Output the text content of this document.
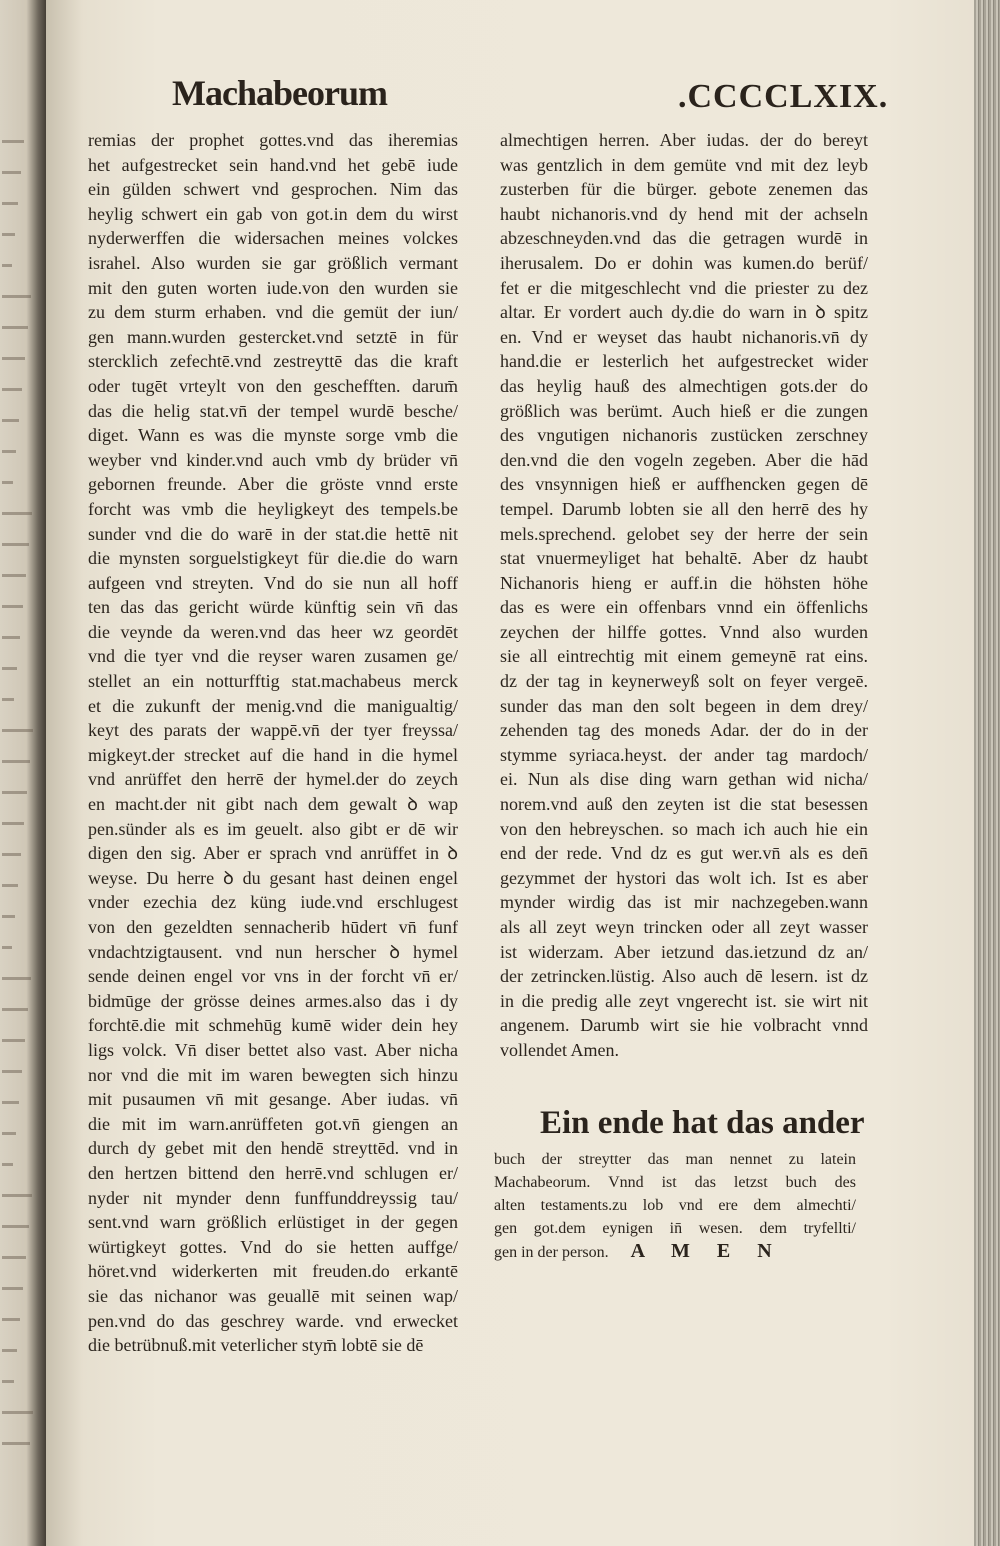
Machabeorum	.CCCCLXIX.
remias der prophet gottes.vnd das iheremias
het aufgestrecket sein hand.vnd het gebē iude
ein gülden schwert vnd gesprochen. Nim das
heylig schwert ein gab von got.in dem du wirst
nyderwerffen die widersachen meines volckes
israhel. Also wurden sie gar größlich vermant
mit den guten worten iude.von den wurden sie
zu dem sturm erhaben. vnd die gemüt der iun/
gen mann.wurden gestercket.vnd setztē in für
stercklich zefechtē.vnd zestreyttē das die kraft
oder tugēt vrteylt von den geschefften. darum̄
das die helig stat.vn̄ der tempel wurdē besche/
diget. Wann es was die mynste sorge vmb die
weyber vnd kinder.vnd auch vmb dy brüder vn̄
gebornen freunde. Aber die gröste vnnd erste
forcht was vmb die heyligkeyt des tempels.be
sunder vnd die do warē in der stat.die hettē nit
die mynsten sorguelstigkeyt für die.die do warn
aufgeen vnd streyten. Vnd do sie nun all hoff
ten das das gericht würde künftig sein vn̄ das
die veynde da weren.vnd das heer wz geordēt
vnd die tyer vnd die reyser waren zusamen ge/
stellet an ein notturfftig stat.machabeus merck
et die zukunft der menig.vnd die manigualtig/
keyt des parats der wappē.vn̄ der tyer freyssa/
migkeyt.der strecket auf die hand in die hymel
vnd anrüffet den herrē der hymel.der do zeych
en macht.der nit gibt nach dem gewalt ꝺ wap
pen.sünder als es im geuelt. also gibt er dē wir
digen den sig. Aber er sprach vnd anrüffet in ꝺ
weyse. Du herre ꝺ du gesant hast deinen engel
vnder ezechia dez küng iude.vnd erschlugest
von den gezeldten sennacherib hūdert vn̄ funf
vndachtzigtausent. vnd nun herscher ꝺ hymel
sende deinen engel vor vns in der forcht vn̄ er/
bidmūge der grösse deines armes.also das i dy
forchtē.die mit schmehūg kumē wider dein hey
ligs volck. Vn̄ diser bettet also vast. Aber nicha
nor vnd die mit im waren bewegten sich hinzu
mit pusaumen vn̄ mit gesange. Aber iudas. vn̄
die mit im warn.anrüffeten got.vn̄ giengen an
durch dy gebet mit den hendē streyttēd. vnd in
den hertzen bittend den herrē.vnd schlugen er/
nyder nit mynder denn funffunddreyssig tau/
sent.vnd warn größlich erlüstiget in der gegen
würtigkeyt gottes. Vnd do sie hetten auffge/
höret.vnd widerkerten mit freuden.do erkantē
sie das nichanor was geuallē mit seinen wap/
pen.vnd do das geschrey warde. vnd erwecket
die betrübnuß.mit veterlicher stym̄ lobtē sie dē
almechtigen herren. Aber iudas. der do bereyt
was gentzlich in dem gemüte vnd mit dez leyb
zusterben für die bürger. gebote zenemen das
haubt nichanoris.vnd dy hend mit der achseln
abzeschneyden.vnd das die getragen wurdē in
iherusalem. Do er dohin was kumen.do berüf/
fet er die mitgeschlecht vnd die priester zu dez
altar. Er vordert auch dy.die do warn in ꝺ spitz
en. Vnd er weyset das haubt nichanoris.vn̄ dy
hand.die er lesterlich het aufgestrecket wider
das heylig hauß des almechtigen gots.der do
größlich was berümt. Auch hieß er die zungen
des vngutigen nichanoris zustücken zerschney
den.vnd die den vogeln zegeben. Aber die hād
des vnsynnigen hieß er auffhencken gegen dē
tempel. Darumb lobten sie all den herrē des hy
mels.sprechend. gelobet sey der herre der sein
stat vnuermeyliget hat behaltē. Aber dz haubt
Nichanoris hieng er auff.in die höhsten höhe
das es were ein offenbars vnnd ein öffenlichs
zeychen der hilffe gottes. Vnnd also wurden
sie all eintrechtig mit einem gemeynē rat eins.
dz der tag in keynerweyß solt on feyer vergeē.
sunder das man den solt begeen in dem drey/
zehenden tag des moneds Adar. der do in der
stymme syriaca.heyst. der ander tag mardoch/
ei. Nun als dise ding warn gethan wid nicha/
norem.vnd auß den zeyten ist die stat besessen
von den hebreyschen. so mach ich auch hie ein
end der rede. Vnd dz es gut wer.vn̄ als es den̄
gezymmet der hystori das wolt ich. Ist es aber
mynder wirdig das ist mir nachzegeben.wann
als all zeyt weyn trincken oder all zeyt wasser
ist widerzam. Aber ietzund das.ietzund dz an/
der zetrincken.lüstig. Also auch dē lesern. ist dz
in die predig alle zeyt vngerecht ist. sie wirt nit
angenem. Darumb wirt sie hie volbracht vnnd
vollendet Amen.
Ein ende hat das ander
buch der streytter das man nennet zu latein
Machabeorum. Vnnd ist das letzst buch des
alten testaments.zu lob vnd ere dem almechti/
gen got.dem eynigen in̄ wesen. dem tryfellti/
gen in der person. A M E N
